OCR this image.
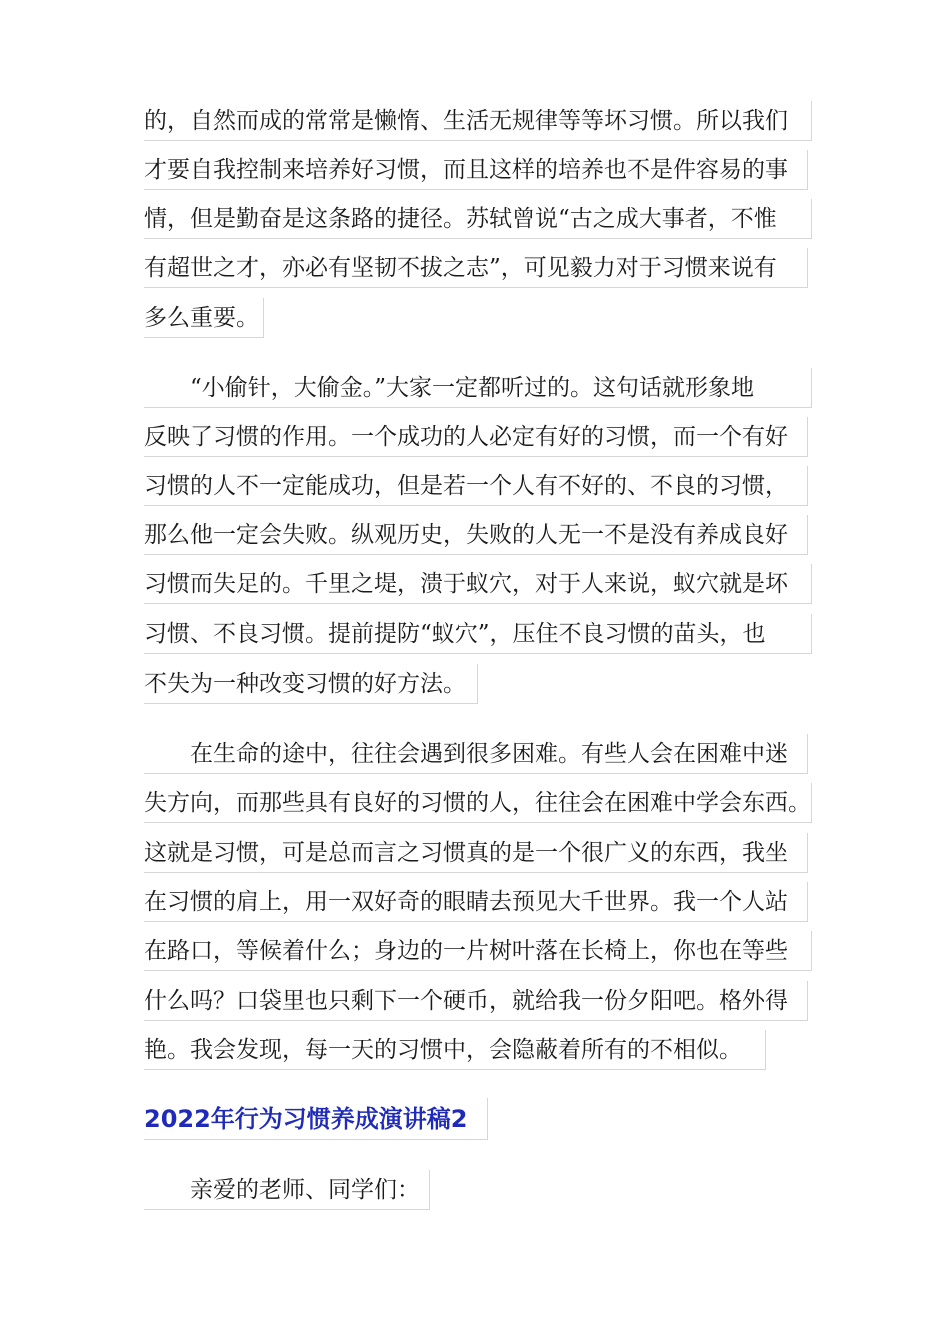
的，自然而成的常常是懒惰、生活无规律等等坏习惯。所以我们
才要自我控制来培养好习惯，而且这样的培养也不是件容易的事
情，但是勤奋是这条路的捷径。苏轼曾说“古之成大事者，不惟
有超世之才，亦必有坚韧不拔之志”，可见毅力对于习惯来说有
多么重要。
“小偷针，大偷金。”大家一定都听过的。这句话就形象地
反映了习惯的作用。一个成功的人必定有好的习惯，而一个有好
习惯的人不一定能成功，但是若一个人有不好的、不良的习惯，
那么他一定会失败。纵观历史，失败的人无一不是没有养成良好
习惯而失足的。千里之堤，溃于蚁穴，对于人来说，蚁穴就是坏
习惯、不良习惯。提前提防“蚁穴”，压住不良习惯的苗头，也
不失为一种改变习惯的好方法。
在生命的途中，往往会遇到很多困难。有些人会在困难中迷
失方向，而那些具有良好的习惯的人，往往会在困难中学会东西。
这就是习惯，可是总而言之习惯真的是一个很广义的东西，我坐
在习惯的肩上，用一双好奇的眼睛去预见大千世界。我一个人站
在路口，等候着什么；身边的一片树叶落在长椅上，你也在等些
什么吗？口袋里也只剩下一个硬币，就给我一份夕阳吧。格外得
艳。我会发现，每一天的习惯中，会隐蔽着所有的不相似。
2022年行为习惯养成演讲稿2
亲爱的老师、同学们：
